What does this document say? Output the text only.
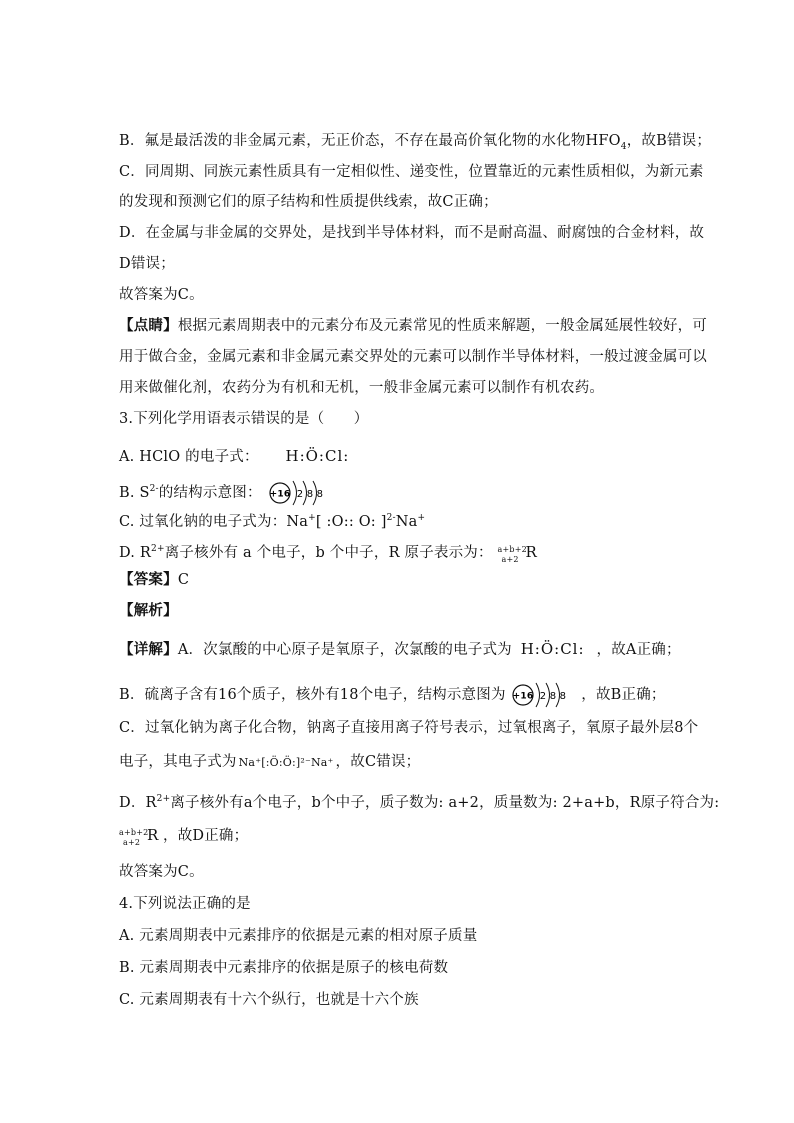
B．氟是最活泼的非金属元素，无正价态，不存在最高价氧化物的水化物$HFO_4$，故B错误；
C．同周期、同族元素性质具有一定相似性、递变性，位置靠近的元素性质相似，为新元素
的发现和预测它们的原子结构和性质提供线索，故C正确；
D．在金属与非金属的交界处，是找到半导体材料，而不是耐高温、耐腐蚀的合金材料，故
D错误；
故答案为C。
【点睛】根据元素周期表中的元素分布及元素常见的性质来解题，一般金属延展性较好，可
用于做合金，金属元素和非金属元素交界处的元素可以制作半导体材料，一般过渡金属可以
用来做催化剂，农药分为有机和无机，一般非金属元素可以制作有机农药。
3.下列化学用语表示错误的是（　　）
A. HClO 的电子式： H:Ö:Cl:
B. $S^{2-}$的结构示意图： +16 2 8 8
C. 过氧化钠的电子式为：Na+[ :O:: O: ]$^{2-}$Na+
D. $R^{2+}$离子核外有 a 个电子，b 个中子，R 原子表示为： a+b+2
a+2 R
【答案】C
【解析】
【详解】A．次氯酸的中心原子是氧原子，次氯酸的电子式为 H:Ö:Cl: ，故A正确；
B．硫离子含有16个质子，核外有18个电子，结构示意图为 +16 2 8 8 ，故B正确；
C．过氧化钠为离子化合物，钠离子直接用离子符号表示，过氧根离子，氧原子最外层8个
电子，其电子式为 Na⁺[:Ö:Ö:]²⁻Na⁺ ，故C错误；
D．$R^{2+}$离子核外有a个电子，b个中子，质子数为: a+2，质量数为: 2+a+b，R原子符合为:
a+b+2
a+2 R ，故D正确；
故答案为C。
4.下列说法正确的是
A. 元素周期表中元素排序的依据是元素的相对原子质量
B. 元素周期表中元素排序的依据是原子的核电荷数
C. 元素周期表有十六个纵行，也就是十六个族
